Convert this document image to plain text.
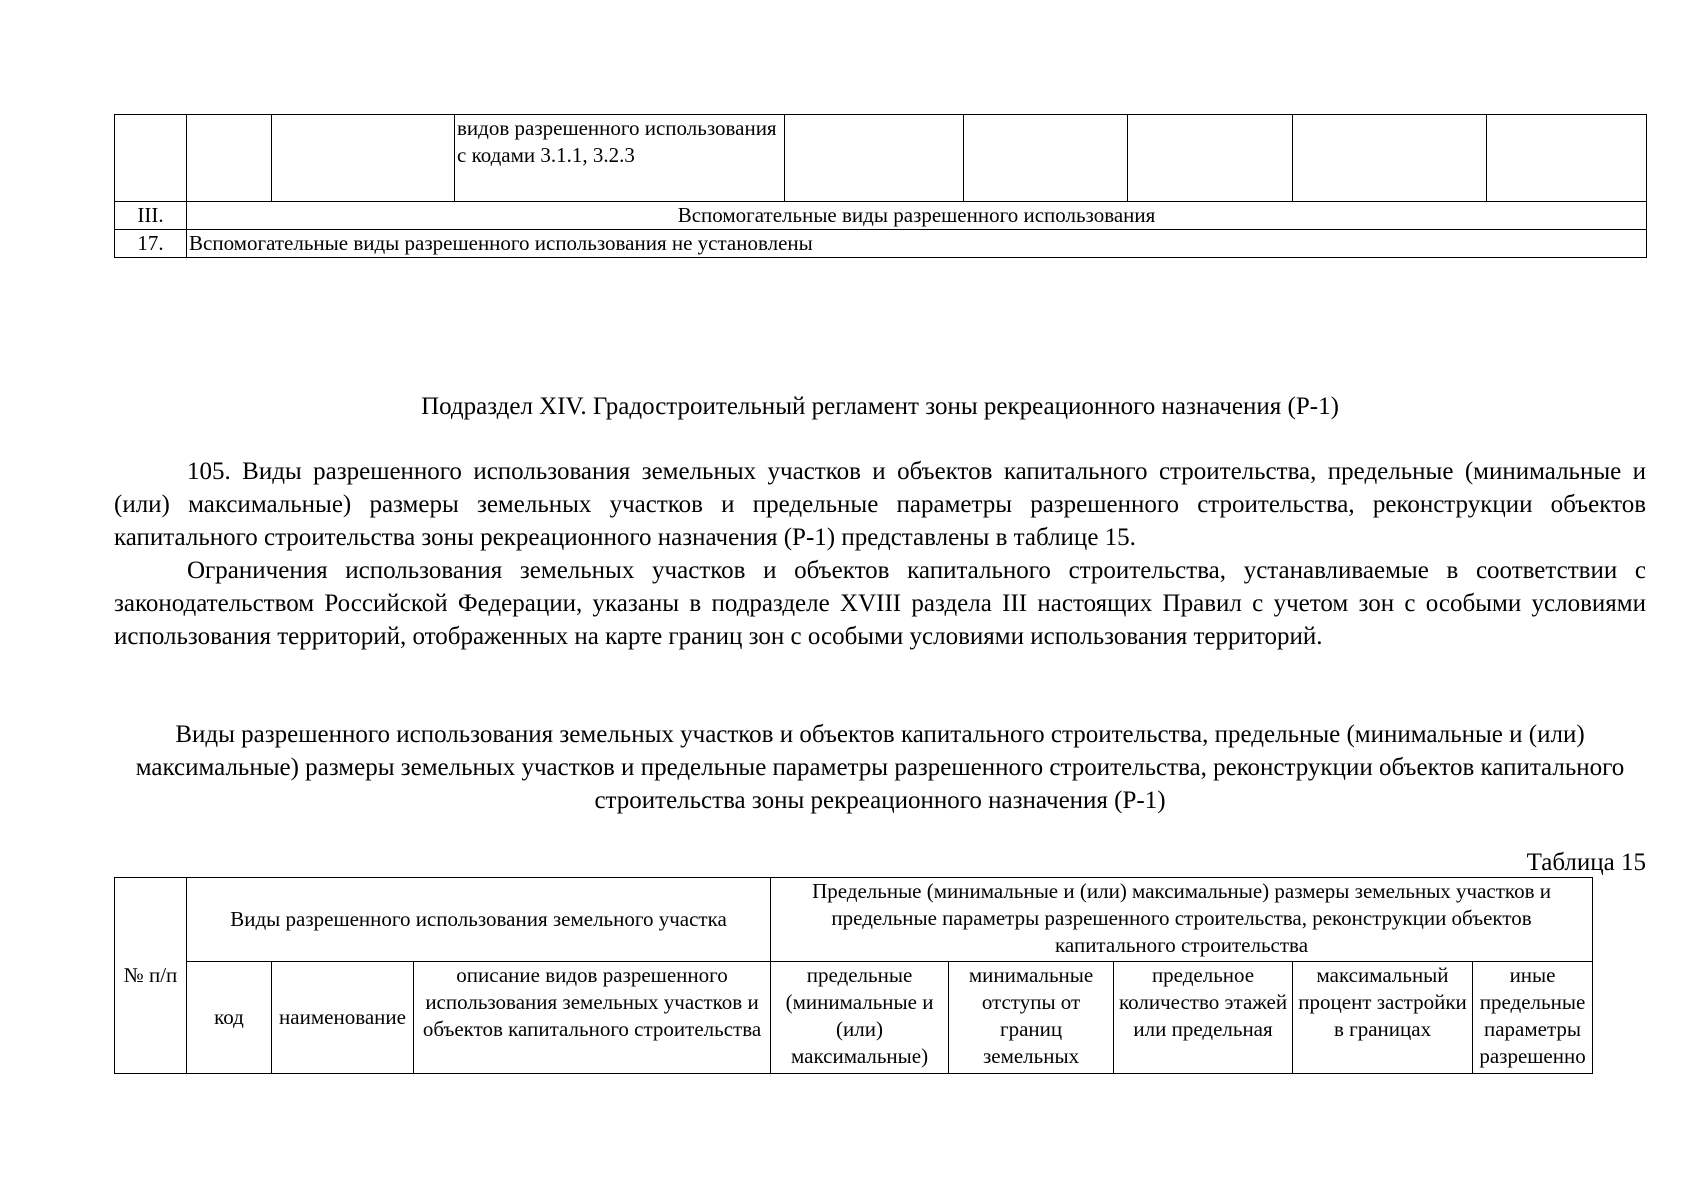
			видов разрешенного использования с кодами 3.1.1, 3.2.3					
III.	Вспомогательные виды разрешенного использования							
17.	Вспомогательные виды разрешенного использования не установлены							
Подраздел XIV. Градостроительный регламент зоны рекреационного назначения (Р-1)

105. Виды разрешенного использования земельных участков и объектов капитального строительства, предельные (минимальные и (или) максимальные) размеры земельных участков и предельные параметры разрешенного строительства, реконструкции объектов капитального строительства зоны рекреационного назначения (Р-1) представлены в таблице 15.

Ограничения использования земельных участков и объектов капитального строительства, устанавливаемые в соответствии с законодательством Российской Федерации, указаны в подразделе XVIII раздела III настоящих Правил с учетом зон с особыми условиями использования территорий, отображенных на карте границ зон с особыми условиями использования территорий.

Виды разрешенного использования земельных участков и объектов капитального строительства, предельные (минимальные и (или) максимальные) размеры земельных участков и предельные параметры разрешенного строительства, реконструкции объектов капитального строительства зоны рекреационного назначения (Р-1)
Таблица 15
№ п/п	Виды разрешенного использования земельного участка			Предельные (минимальные и (или) максимальные) размеры земельных участков и предельные параметры разрешенного строительства, реконструкции объектов капитального строительства				
	код	наименование	описание видов разрешенного использования земельных участков и объектов капитального строительства	предельные (минимальные и (или) максимальные)	минимальные отступы от границ земельных	предельное количество этажей или предельная	максимальный процент застройки в границах	иные предельные параметры разрешенно
